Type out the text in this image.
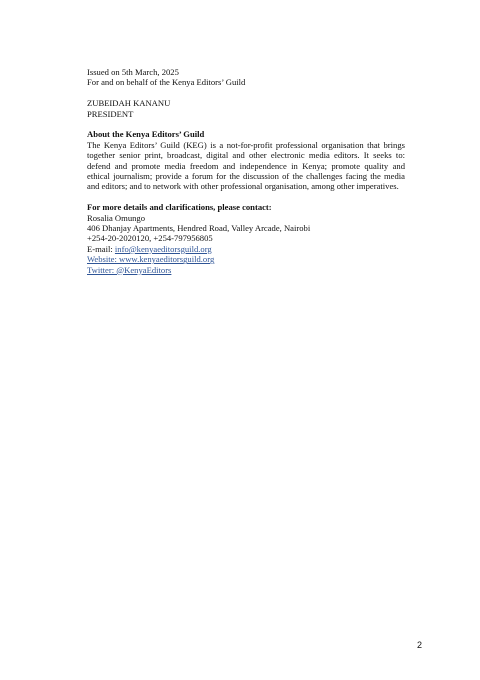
Issued on 5th March, 2025
For and on behalf of the Kenya Editors’ Guild
ZUBEIDAH KANANU
PRESIDENT
About the Kenya Editors’ Guild
The Kenya Editors’ Guild (KEG) is a not-for-profit professional organisation that brings together senior print, broadcast, digital and other electronic media editors. It seeks to: defend and promote media freedom and independence in Kenya; promote quality and ethical journalism; provide a forum for the discussion of the challenges facing the media and editors; and to network with other professional organisation, among other imperatives.
For more details and clarifications, please contact:
Rosalia Omungo
406 Dhanjay Apartments, Hendred Road, Valley Arcade, Nairobi
+254-20-2020120, +254-797956805
E-mail: info@kenyaeditorsguild.org
Website: www.kenyaeditorsguild.org
Twitter: @KenyaEditors
2
